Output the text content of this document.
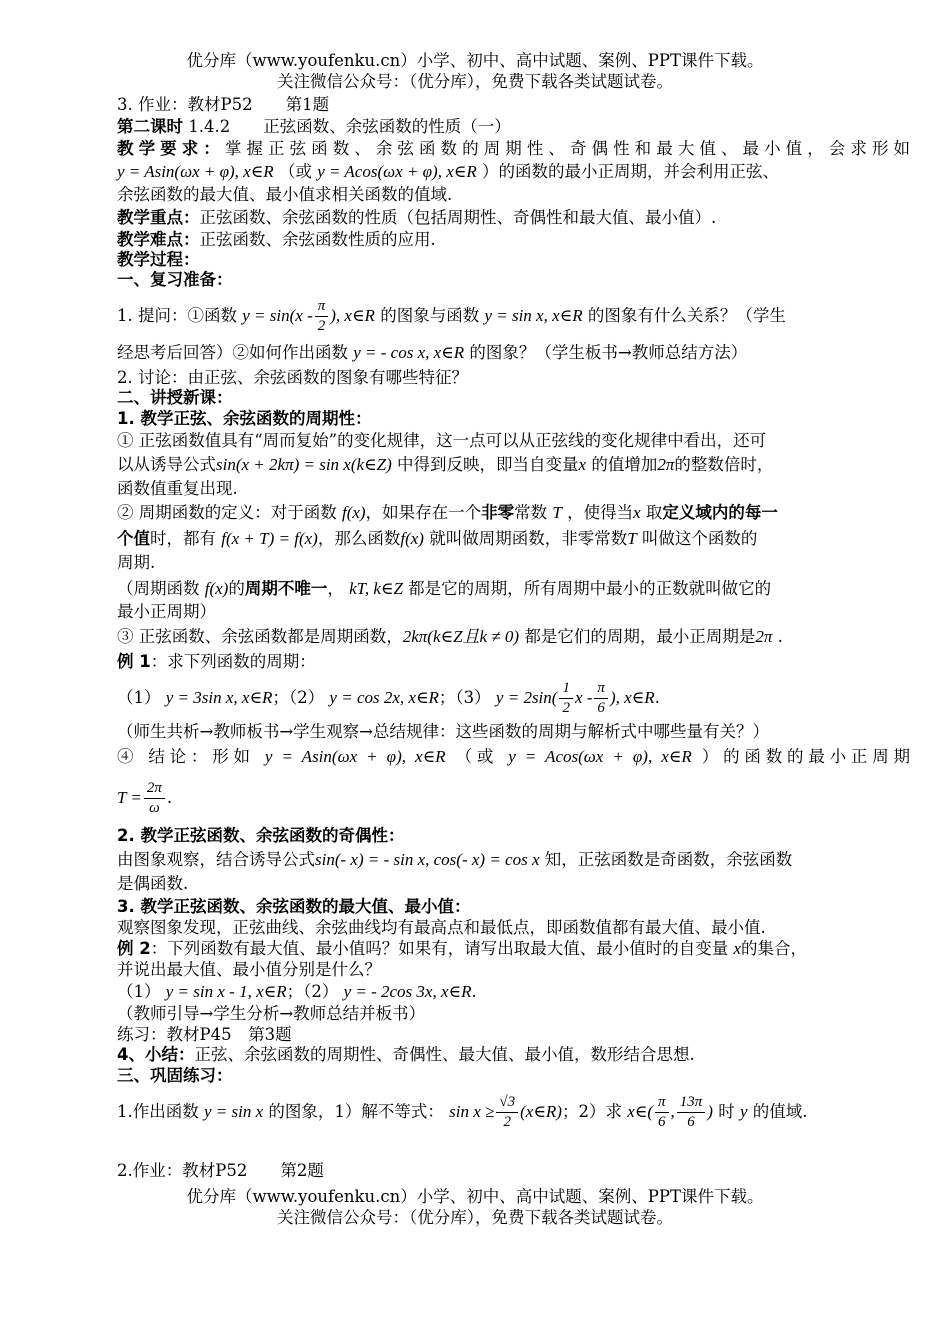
优分库（www.youfenku.cn）小学、初中、高中试题、案例、PPT课件下载。
关注微信公众号：（优分库），免费下载各类试题试卷。
3. 作业：教材P52　　第1题
第二课时 1.4.2　　正弦函数、余弦函数的性质（一）
教学要求：掌握正弦函数、余弦函数的周期性、奇偶性和最大值、最小值，会求形如
y = Asin(ωx + φ), x∈R （或 y = Acos(ωx + φ), x∈R ）的函数的最小正周期，并会利用正弦、
余弦函数的最大值、最小值求相关函数的值域.
教学重点：正弦函数、余弦函数的性质（包括周期性、奇偶性和最大值、最小值）.
教学难点：正弦函数、余弦函数性质的应用.
教学过程：
一、复习准备：
1. 提问：①函数 $y = \sin(x - \frac{\pi}{2}$ ), x∈R 的图象与函数 y = sin x, x∈R 的图象有什么关系？（学生
经思考后回答）②如何作出函数 y = - cos x, x∈R 的图象？（学生板书→教师总结方法）
2. 讨论：由正弦、余弦函数的图象有哪些特征？
二、讲授新课：
1. 教学正弦、余弦函数的周期性：
① 正弦函数值具有“周而复始”的变化规律，这一点可以从正弦线的变化规律中看出，还可
以从诱导公式sin(x + 2kπ) = sin x(k∈Z) 中得到反映，即当自变量x 的值增加2π的整数倍时，
函数值重复出现.
② 周期函数的定义：对于函数 f(x)，如果存在一个非零常数 T ，使得当x 取定义域内的每一
个值时，都有 f(x + T) = f(x)，那么函数f(x) 就叫做周期函数，非零常数T 叫做这个函数的
周期.
（周期函数 f(x)的周期不唯一， kT, k∈Z 都是它的周期，所有周期中最小的正数就叫做它的
最小正周期）
③ 正弦函数、余弦函数都是周期函数，2kπ(k∈Z且k ≠ 0) 都是它们的周期，最小正周期是2π .
例 1：求下列函数的周期：
（1） y = 3sin x, x∈R；（2） y = cos 2x, x∈R；（3） $y = 2\sin( \frac{1}{2}$ x - $\frac{\pi}{6}$ ), x∈R.
（师生共析→教师板书→学生观察→总结规律：这些函数的周期与解析式中哪些量有关？）
④ 结论：形如 y = Asin(ωx + φ), x∈R （或 y = Acos(ωx + φ), x∈R ）的函数的最小正周期
$T = \frac{2\pi}{\omega}$ .
2. 教学正弦函数、余弦函数的奇偶性：
由图象观察，结合诱导公式sin(- x) = - sin x, cos(- x) = cos x 知，正弦函数是奇函数，余弦函数
是偶函数.
3. 教学正弦函数、余弦函数的最大值、最小值：
观察图象发现，正弦曲线、余弦曲线均有最高点和最低点，即函数值都有最大值、最小值.
例 2：下列函数有最大值、最小值吗？如果有，请写出取最大值、最小值时的自变量 x的集合，
并说出最大值、最小值分别是什么？
（1） y = sin x - 1, x∈R；（2） y = - 2cos 3x, x∈R.
（教师引导→学生分析→教师总结并板书）
练习：教材P45　第3题
4、小结：正弦、余弦函数的周期性、奇偶性、最大值、最小值，数形结合思想.
三、巩固练习：
1.作出函数 y = sin x 的图象，1）解不等式： $\sin x \ge \frac{√3}{2}$ (x∈R)；2）求 x∈( $\frac{\pi}{6}$ , $\frac{13\pi}{6}$ ) 时 y 的值域.
2.作业：教材P52　　第2题
优分库（www.youfenku.cn）小学、初中、高中试题、案例、PPT课件下载。
关注微信公众号：（优分库），免费下载各类试题试卷。
